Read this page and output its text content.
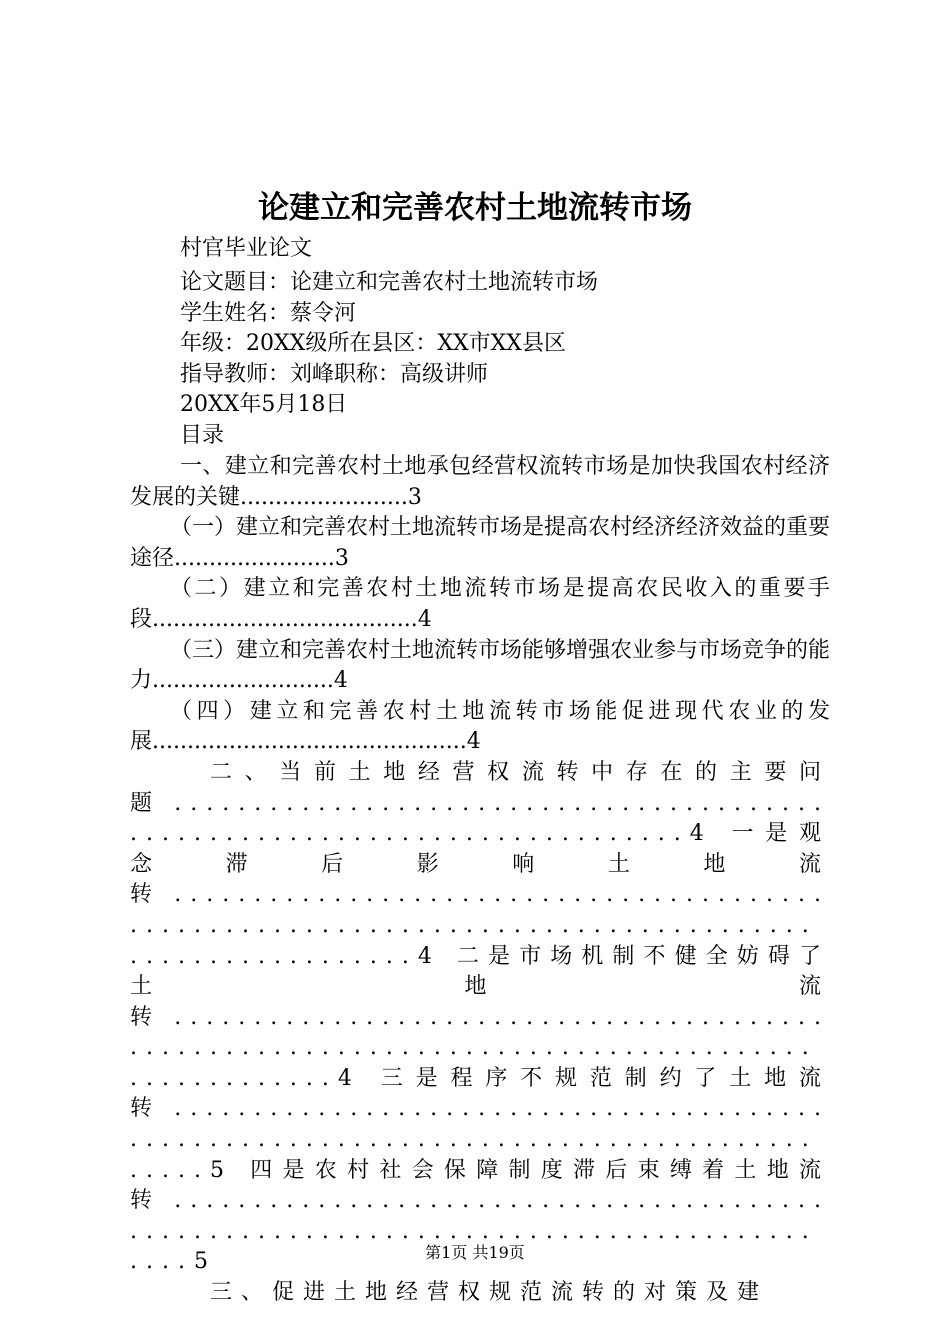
论建立和完善农村土地流转市场
村官毕业论文
论文题目：论建立和完善农村土地流转市场
学生姓名：蔡令河
年级：20XX级所在县区：XX市XX县区
指导教师：刘峰职称：高级讲师
20XX年5月18日
目录

一、建立和完善农村土地承包经营权流转市场是加快我国农村经济发展的关键........................3

（一）建立和完善农村土地流转市场是提高农村经济经济效益的重要途径.......................3

（二）建立和完善农村土地流转市场是提高农民收入的重要手段......................................4

（三）建立和完善农村土地流转市场能够增强农业参与市场竞争的能力..........................4

（四）建立和完善农村土地流转市场能促进现代农业的发展.............................................4

二、当前土地经营权流转中存在的主要问题............................................................................4 一是观念滞后影响土地流转......................................................................................................4 二是市场机制不健全妨碍了土地流转.................................................................................................4 三是程序不规范制约了土地流转.........................................................................................5 四是农村社会保障制度滞后束缚着土地流转........................................................................................5

三、促进土地经营权规范流转的对策及建

第1页 共19页
